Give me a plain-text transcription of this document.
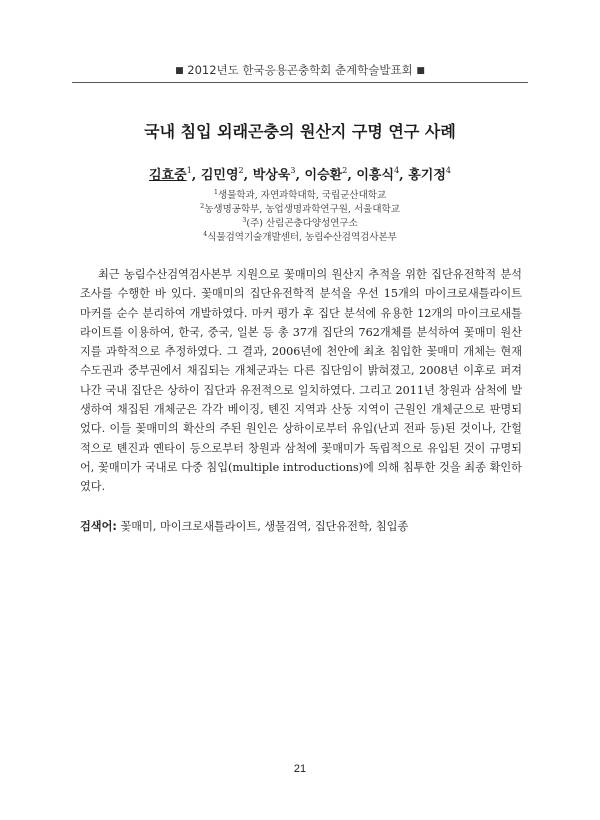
■ 2012년도 한국응용곤충학회 춘계학술발표회 ■
국내 침입 외래곤충의 원산지 구명 연구 사례
김효중$^1$, 김민영$^2$, 박상욱$^3$, 이승환$^2$, 이흥식$^4$, 홍기정$^4$
$^1$생물학과, 자연과학대학, 국립군산대학교
$^2$농생명공학부, 농업생명과학연구원, 서울대학교
$^3$(주) 산림곤충다양성연구소
$^4$식물검역기술개발센터, 농림수산검역검사본부

최근 농림수산검역검사본부 지원으로 꽃매미의 원산지 추적을 위한 집단유전학적 분석 조사를 수행한 바 있다. 꽃매미의 집단유전학적 분석을 우선 15개의 마이크로새틀라이트 마커를 순수 분리하여 개발하였다. 마커 평가 후 집단 분석에 유용한 12개의 마이크로새틀라이트를 이용하여, 한국, 중국, 일본 등 총 37개 집단의 762개체를 분석하여 꽃매미 원산지를 과학적으로 추정하였다. 그 결과, 2006년에 천안에 최초 침입한 꽃매미 개체는 현재 수도권과 중부권에서 채집되는 개체군과는 다른 집단임이 밝혀졌고, 2008년 이후로 퍼져나간 국내 집단은 상하이 집단과 유전적으로 일치하였다. 그리고 2011년 창원과 삼척에 발생하여 채집된 개체군은 각각 베이징, 톈진 지역과 산둥 지역이 근원인 개체군으로 판명되었다. 이들 꽃매미의 확산의 주된 원인은 상하이로부터 유입(난괴 전파 등)된 것이나, 간헐적으로 톈진과 옌타이 등으로부터 창원과 삼척에 꽃매미가 독립적으로 유입된 것이 규명되어, 꽃매미가 국내로 다중 침입(multiple introductions)에 의해 침투한 것을 최종 확인하였다.

검색어: 꽃매미, 마이크로새틀라이트, 생물검역, 집단유전학, 침입종
21
